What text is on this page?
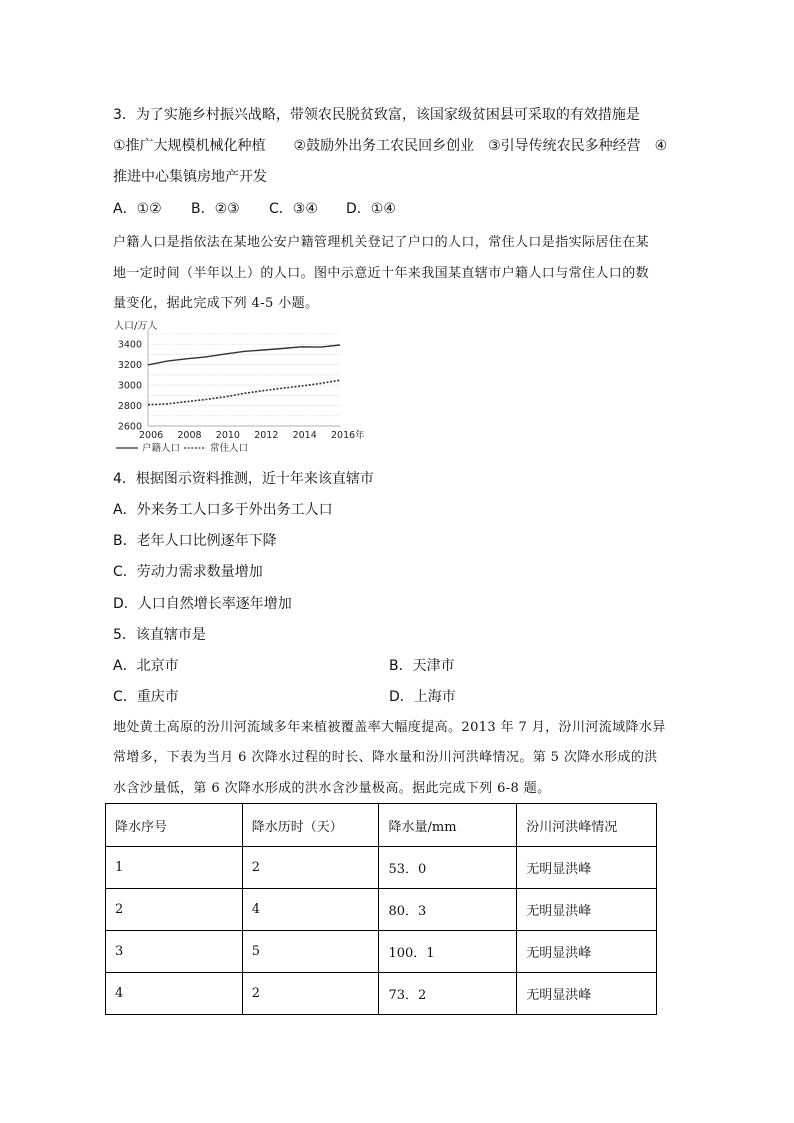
3．为了实施乡村振兴战略，带领农民脱贫致富，该国家级贫困县可采取的有效措施是
①推广大规模机械化种植　　②鼓励外出务工农民回乡创业　③引导传统农民多种经营　④
推进中心集镇房地产开发
A．①② B．②③ C．③④ D．①④
户籍人口是指依法在某地公安户籍管理机关登记了户口的人口，常住人口是指实际居住在某
地一定时间（半年以上）的人口。图中示意近十年来我国某直辖市户籍人口与常住人口的数
量变化，据此完成下列 4-5 小题。
人口/万人
2600
2800
3000
3200
3400
2006 2008 2010 2012 2014 2016年
户籍人口	常住人口
4．根据图示资料推测，近十年来该直辖市
A．外来务工人口多于外出务工人口
B．老年人口比例逐年下降
C．劳动力需求数量增加
D．人口自然增长率逐年增加
5．该直辖市是
A．北京市	B．天津市
C．重庆市	D．上海市
地处黄土高原的汾川河流域多年来植被覆盖率大幅度提高。2013 年 7 月，汾川河流域降水异
常增多，下表为当月 6 次降水过程的时长、降水量和汾川河洪峰情况。第 5 次降水形成的洪
水含沙量低，第 6 次降水形成的洪水含沙量极高。据此完成下列 6-8 题。
降水序号	降水历时（天）	降水量/mm	汾川河洪峰情况
1	2	53．0	无明显洪峰
2	4	80．3	无明显洪峰
3	5	100．1	无明显洪峰
4	2	73．2	无明显洪峰
